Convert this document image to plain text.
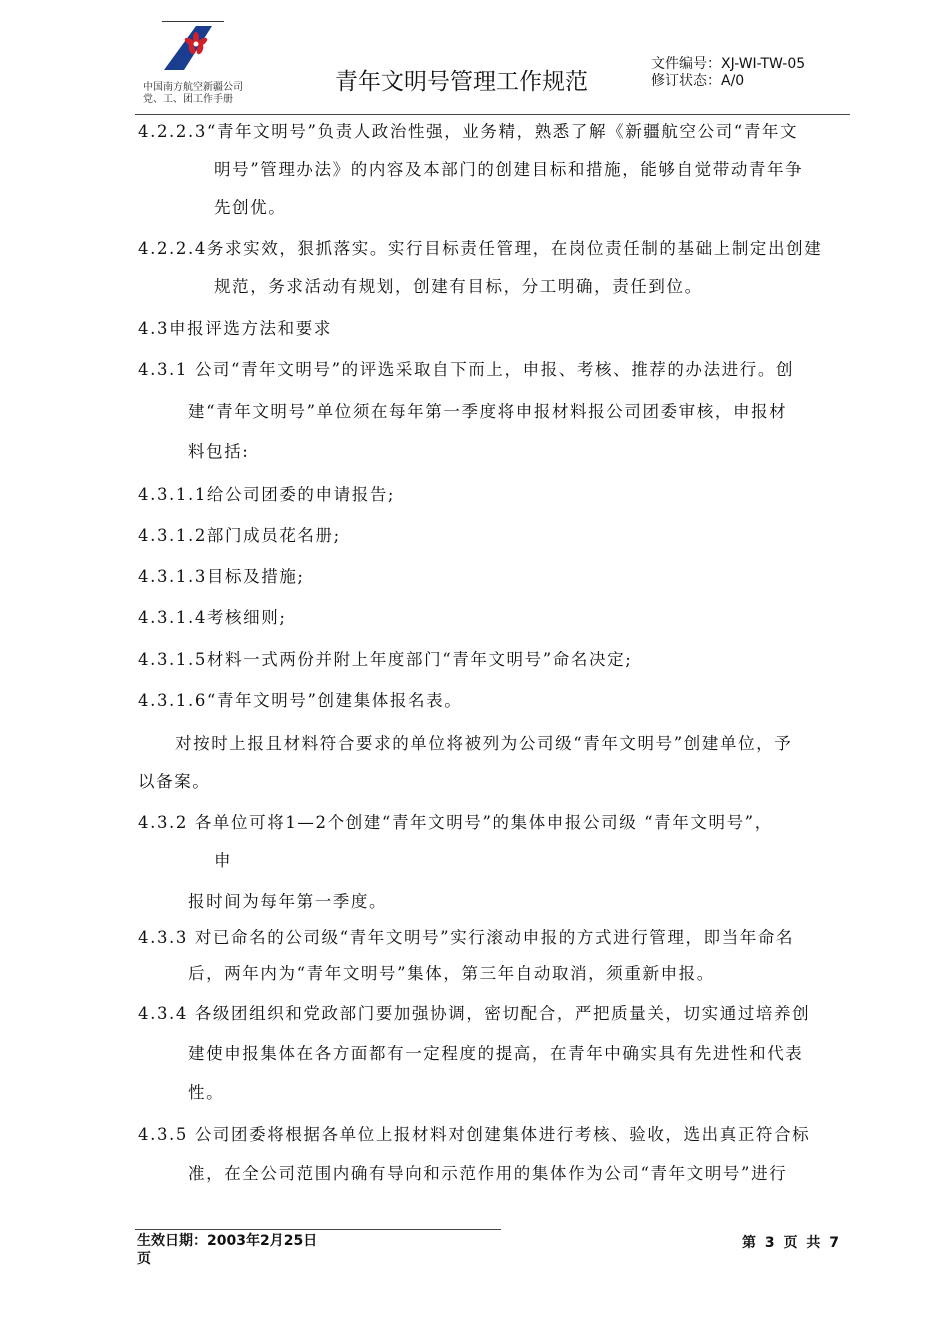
中国南方航空新疆公司
党、工、团工作手册
青年文明号管理工作规范
文件编号：XJ-WI-TW-05
修订状态：A/0
4.2.2.3“青年文明号”负责人政治性强，业务精，熟悉了解《新疆航空公司“青年文
明号”管理办法》的内容及本部门的创建目标和措施，能够自觉带动青年争
先创优。
4.2.2.4务求实效，狠抓落实。实行目标责任管理，在岗位责任制的基础上制定出创建
规范，务求活动有规划，创建有目标，分工明确，责任到位。
4.3申报评选方法和要求
4.3.1 公司“青年文明号”的评选采取自下而上，申报、考核、推荐的办法进行。创
建“青年文明号”单位须在每年第一季度将申报材料报公司团委审核，申报材
料包括:
4.3.1.1给公司团委的申请报告;
4.3.1.2部门成员花名册;
4.3.1.3目标及措施;
4.3.1.4考核细则;
4.3.1.5材料一式两份并附上年度部门“青年文明号”命名决定;
4.3.1.6“青年文明号”创建集体报名表。
对按时上报且材料符合要求的单位将被列为公司级“青年文明号”创建单位，予
以备案。
4.3.2 各单位可将1—2个创建“青年文明号”的集体申报公司级 “青年文明号”，
申
报时间为每年第一季度。
4.3.3 对已命名的公司级“青年文明号”实行滚动申报的方式进行管理，即当年命名
后，两年内为“青年文明号”集体，第三年自动取消，须重新申报。
4.3.4 各级团组织和党政部门要加强协调，密切配合，严把质量关，切实通过培养创
建使申报集体在各方面都有一定程度的提高，在青年中确实具有先进性和代表
性。
4.3.5 公司团委将根据各单位上报材料对创建集体进行考核、验收，选出真正符合标
准，在全公司范围内确有导向和示范作用的集体作为公司“青年文明号”进行
生效日期：2003年2月25日
页
第 3 页 共 7
